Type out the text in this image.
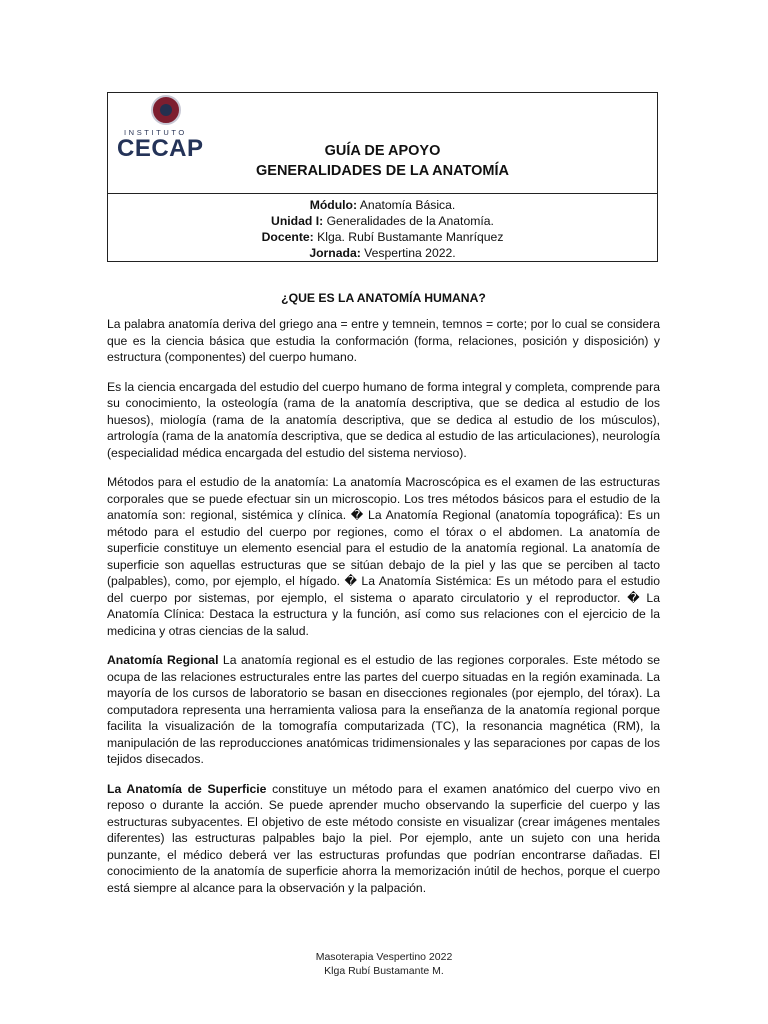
INSTITUTO
CECAP	GUÍA DE APOYO
GENERALIDADES DE LA ANATOMÍA
Módulo: Anatomía Básica.
Unidad I: Generalidades de la Anatomía.
Docente: Klga. Rubí Bustamante Manríquez
Jornada: Vespertina 2022.
¿QUE ES LA ANATOMÍA HUMANA?

La palabra anatomía deriva del griego ana = entre y temnein, temnos = corte; por lo cual se considera que es la ciencia básica que estudia la conformación (forma, relaciones, posición y disposición) y estructura (componentes) del cuerpo humano.

Es la ciencia encargada del estudio del cuerpo humano de forma integral y completa, comprende para su conocimiento, la osteología (rama de la anatomía descriptiva, que se dedica al estudio de los huesos), miología (rama de la anatomía descriptiva, que se dedica al estudio de los músculos), artrología (rama de la anatomía descriptiva, que se dedica al estudio de las articulaciones), neurología (especialidad médica encargada del estudio del sistema nervioso).

Métodos para el estudio de la anatomía: La anatomía Macroscópica es el examen de las estructuras corporales que se puede efectuar sin un microscopio. Los tres métodos básicos para el estudio de la anatomía son: regional, sistémica y clínica. � La Anatomía Regional (anatomía topográfica): Es un método para el estudio del cuerpo por regiones, como el tórax o el abdomen. La anatomía de superficie constituye un elemento esencial para el estudio de la anatomía regional. La anatomía de superficie son aquellas estructuras que se sitúan debajo de la piel y las que se perciben al tacto (palpables), como, por ejemplo, el hígado. � La Anatomía Sistémica: Es un método para el estudio del cuerpo por sistemas, por ejemplo, el sistema o aparato circulatorio y el reproductor. � La Anatomía Clínica: Destaca la estructura y la función, así como sus relaciones con el ejercicio de la medicina y otras ciencias de la salud.

Anatomía Regional La anatomía regional es el estudio de las regiones corporales. Este método se ocupa de las relaciones estructurales entre las partes del cuerpo situadas en la región examinada. La mayoría de los cursos de laboratorio se basan en disecciones regionales (por ejemplo, del tórax). La computadora representa una herramienta valiosa para la enseñanza de la anatomía regional porque facilita la visualización de la tomografía computarizada (TC), la resonancia magnética (RM), la manipulación de las reproducciones anatómicas tridimensionales y las separaciones por capas de los tejidos disecados.

La Anatomía de Superficie constituye un método para el examen anatómico del cuerpo vivo en reposo o durante la acción. Se puede aprender mucho observando la superficie del cuerpo y las estructuras subyacentes. El objetivo de este método consiste en visualizar (crear imágenes mentales diferentes) las estructuras palpables bajo la piel. Por ejemplo, ante un sujeto con una herida punzante, el médico deberá ver las estructuras profundas que podrían encontrarse dañadas. El conocimiento de la anatomía de superficie ahorra la memorización inútil de hechos, porque el cuerpo está siempre al alcance para la observación y la palpación.

Masoterapia Vespertino 2022
Klga Rubí Bustamante M.
